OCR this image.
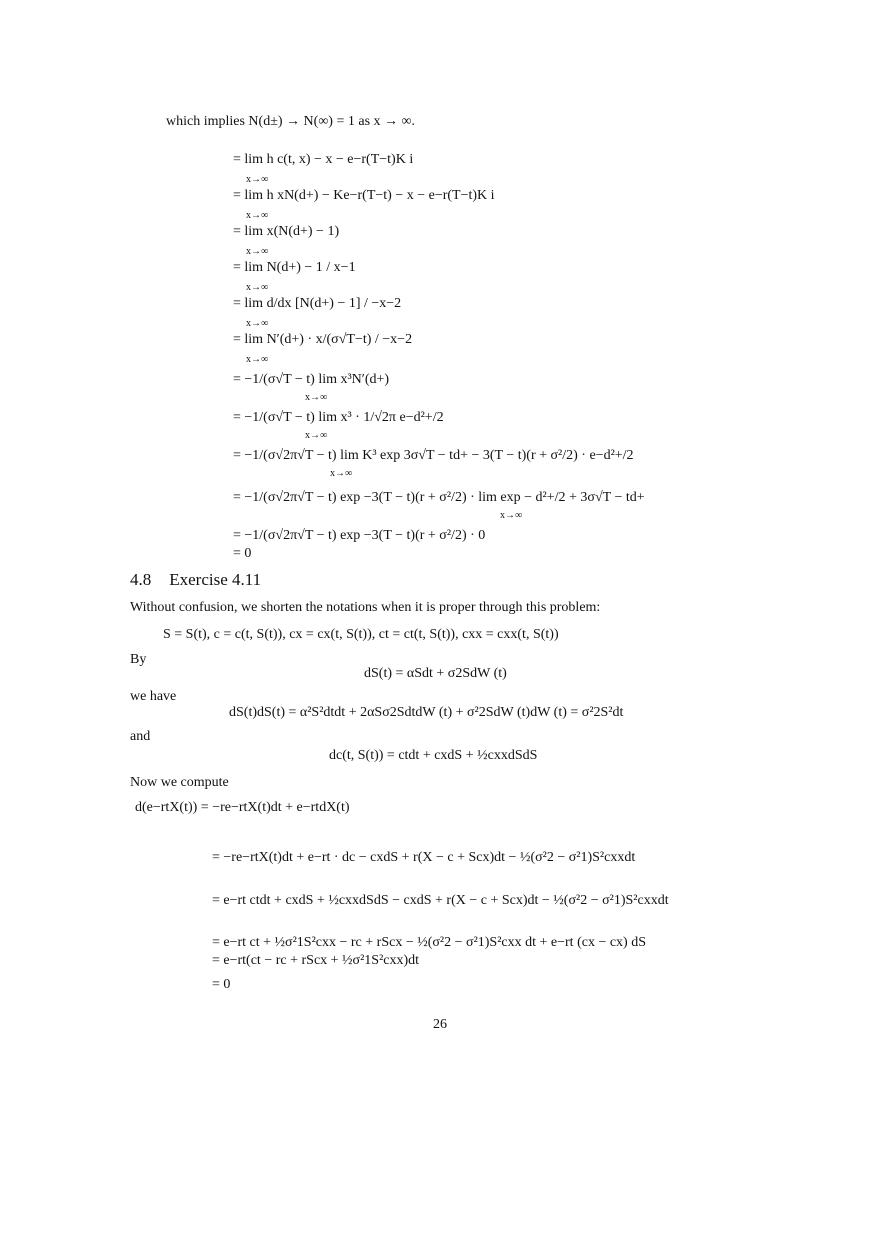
which implies N(d±) → N(∞) = 1 as x → ∞.
= lim h c(t, x) − x − e−r(T−t)K i
x→∞
= lim h xN(d+) − Ke−r(T−t) − x − e−r(T−t)K i
x→∞
= lim x(N(d+) − 1)
x→∞
= lim N(d+) − 1 / x−1
x→∞
= lim d/dx [N(d+) − 1] / −x−2
x→∞
= lim N′(d+) · x/(σ√T−t) / −x−2
x→∞
= −1/(σ√T − t) lim x³N′(d+)
x→∞
= −1/(σ√T − t) lim x³ · 1/√2π e−d²+/2
x→∞
= −1/(σ√2π√T − t) lim K³ exp 3σ√T − td+ − 3(T − t)(r + σ²/2) · e−d²+/2
x→∞
= −1/(σ√2π√T − t) exp −3(T − t)(r + σ²/2) · lim exp − d²+/2 + 3σ√T − td+
x→∞
= −1/(σ√2π√T − t) exp −3(T − t)(r + σ²/2) · 0
= 0
4.8 Exercise 4.11
Without confusion, we shorten the notations when it is proper through this problem:
S = S(t), c = c(t, S(t)), cx = cx(t, S(t)), ct = ct(t, S(t)), cxx = cxx(t, S(t))
By
dS(t) = αSdt + σ2SdW (t)
we have
dS(t)dS(t) = α²S²dtdt + 2αSσ2SdtdW (t) + σ²2SdW (t)dW (t) = σ²2S²dt
and
dc(t, S(t)) = ctdt + cxdS + ½cxxdSdS
Now we compute
d(e−rtX(t)) = −re−rtX(t)dt + e−rtdX(t)
= −re−rtX(t)dt + e−rt · dc − cxdS + r(X − c + Scx)dt − ½(σ²2 − σ²1)S²cxxdt
= e−rt ctdt + cxdS + ½cxxdSdS − cxdS + r(X − c + Scx)dt − ½(σ²2 − σ²1)S²cxxdt
= e−rt ct + ½σ²1S²cxx − rc + rScx − ½(σ²2 − σ²1)S²cxx dt + e−rt (cx − cx) dS
= e−rt(ct − rc + rScx + ½σ²1S²cxx)dt
= 0
26
